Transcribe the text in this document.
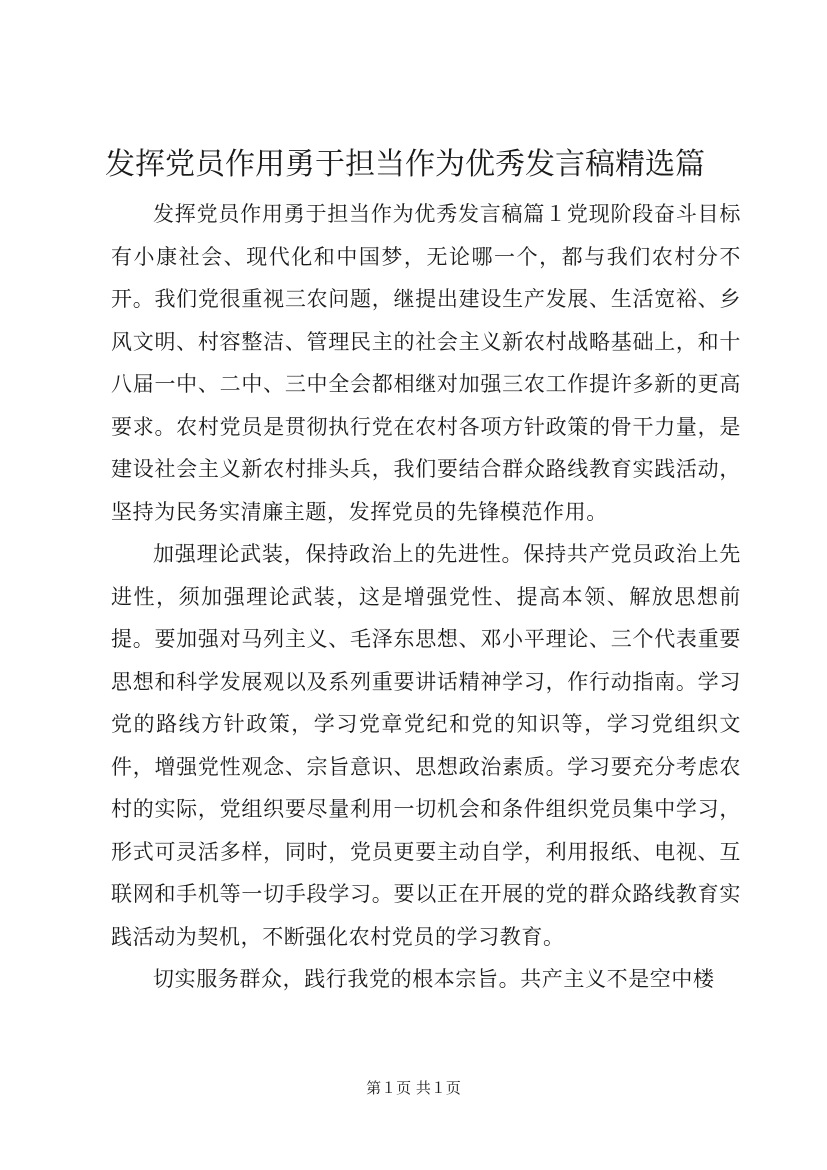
发挥党员作用勇于担当作为优秀发言稿精选篇

发挥党员作用勇于担当作为优秀发言稿篇１党现阶段奋斗目标有小康社会、现代化和中国梦，无论哪一个，都与我们农村分不开。我们党很重视三农问题，继提出建设生产发展、生活宽裕、乡风文明、村容整洁、管理民主的社会主义新农村战略基础上，和十八届一中、二中、三中全会都相继对加强三农工作提许多新的更高要求。农村党员是贯彻执行党在农村各项方针政策的骨干力量，是建设社会主义新农村排头兵，我们要结合群众路线教育实践活动，坚持为民务实清廉主题，发挥党员的先锋模范作用。

加强理论武装，保持政治上的先进性。保持共产党员政治上先进性，须加强理论武装，这是增强党性、提高本领、解放思想前提。要加强对马列主义、毛泽东思想、邓小平理论、三个代表重要思想和科学发展观以及系列重要讲话精神学习，作行动指南。学习党的路线方针政策，学习党章党纪和党的知识等，学习党组织文件，增强党性观念、宗旨意识、思想政治素质。学习要充分考虑农村的实际，党组织要尽量利用一切机会和条件组织党员集中学习，形式可灵活多样，同时，党员更要主动自学，利用报纸、电视、互联网和手机等一切手段学习。要以正在开展的党的群众路线教育实践活动为契机，不断强化农村党员的学习教育。

切实服务群众，践行我党的根本宗旨。共产主义不是空中楼

第１页 共１页
